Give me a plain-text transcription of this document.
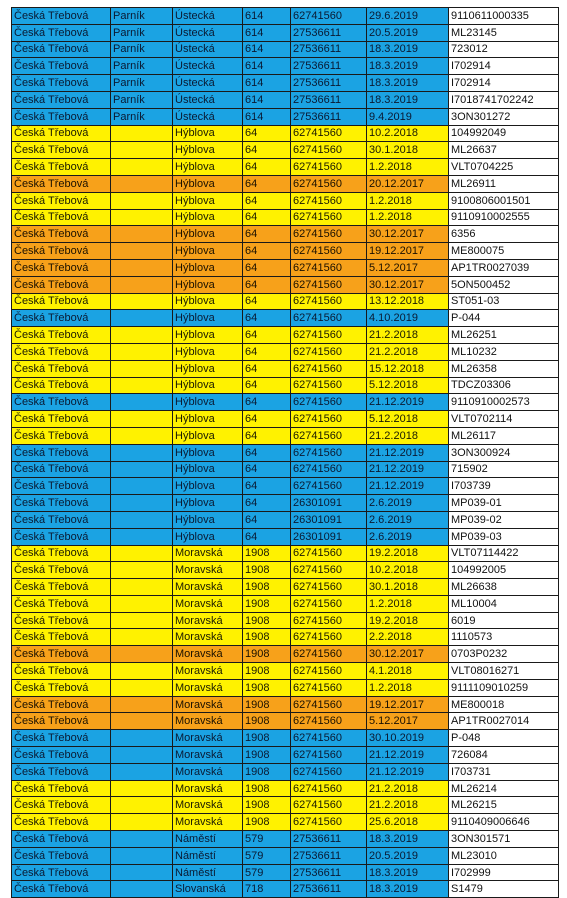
Česká Třebová	Parník	Ústecká	614	62741560	29.6.2019	9110611000335
Česká Třebová	Parník	Ústecká	614	27536611	20.5.2019	ML23145
Česká Třebová	Parník	Ústecká	614	27536611	18.3.2019	723012
Česká Třebová	Parník	Ústecká	614	27536611	18.3.2019	I702914
Česká Třebová	Parník	Ústecká	614	27536611	18.3.2019	I702914
Česká Třebová	Parník	Ústecká	614	27536611	18.3.2019	I7018741702242
Česká Třebová	Parník	Ústecká	614	27536611	9.4.2019	3ON301272
Česká Třebová		Hýblova	64	62741560	10.2.2018	104992049
Česká Třebová		Hýblova	64	62741560	30.1.2018	ML26637
Česká Třebová		Hýblova	64	62741560	1.2.2018	VLT0704225
Česká Třebová		Hýblova	64	62741560	20.12.2017	ML26911
Česká Třebová		Hýblova	64	62741560	1.2.2018	9100806001501
Česká Třebová		Hýblova	64	62741560	1.2.2018	9110910002555
Česká Třebová		Hýblova	64	62741560	30.12.2017	6356
Česká Třebová		Hýblova	64	62741560	19.12.2017	ME800075
Česká Třebová		Hýblova	64	62741560	5.12.2017	AP1TR0027039
Česká Třebová		Hýblova	64	62741560	30.12.2017	5ON500452
Česká Třebová		Hýblova	64	62741560	13.12.2018	ST051-03
Česká Třebová		Hýblova	64	62741560	4.10.2019	P-044
Česká Třebová		Hýblova	64	62741560	21.2.2018	ML26251
Česká Třebová		Hýblova	64	62741560	21.2.2018	ML10232
Česká Třebová		Hýblova	64	62741560	15.12.2018	ML26358
Česká Třebová		Hýblova	64	62741560	5.12.2018	TDCZ03306
Česká Třebová		Hýblova	64	62741560	21.12.2019	9110910002573
Česká Třebová		Hýblova	64	62741560	5.12.2018	VLT0702114
Česká Třebová		Hýblova	64	62741560	21.2.2018	ML26117
Česká Třebová		Hýblova	64	62741560	21.12.2019	3ON300924
Česká Třebová		Hýblova	64	62741560	21.12.2019	715902
Česká Třebová		Hýblova	64	62741560	21.12.2019	I703739
Česká Třebová		Hýblova	64	26301091	2.6.2019	MP039-01
Česká Třebová		Hýblova	64	26301091	2.6.2019	MP039-02
Česká Třebová		Hýblova	64	26301091	2.6.2019	MP039-03
Česká Třebová		Moravská	1908	62741560	19.2.2018	VLT07114422
Česká Třebová		Moravská	1908	62741560	10.2.2018	104992005
Česká Třebová		Moravská	1908	62741560	30.1.2018	ML26638
Česká Třebová		Moravská	1908	62741560	1.2.2018	ML10004
Česká Třebová		Moravská	1908	62741560	19.2.2018	6019
Česká Třebová		Moravská	1908	62741560	2.2.2018	1110573
Česká Třebová		Moravská	1908	62741560	30.12.2017	0703P0232
Česká Třebová		Moravská	1908	62741560	4.1.2018	VLT08016271
Česká Třebová		Moravská	1908	62741560	1.2.2018	9111109010259
Česká Třebová		Moravská	1908	62741560	19.12.2017	ME800018
Česká Třebová		Moravská	1908	62741560	5.12.2017	AP1TR0027014
Česká Třebová		Moravská	1908	62741560	30.10.2019	P-048
Česká Třebová		Moravská	1908	62741560	21.12.2019	726084
Česká Třebová		Moravská	1908	62741560	21.12.2019	I703731
Česká Třebová		Moravská	1908	62741560	21.2.2018	ML26214
Česká Třebová		Moravská	1908	62741560	21.2.2018	ML26215
Česká Třebová		Moravská	1908	62741560	25.6.2018	9110409006646
Česká Třebová		Náměstí	579	27536611	18.3.2019	3ON301571
Česká Třebová		Náměstí	579	27536611	20.5.2019	ML23010
Česká Třebová		Náměstí	579	27536611	18.3.2019	I702999
Česká Třebová		Slovanská	718	27536611	18.3.2019	S1479
